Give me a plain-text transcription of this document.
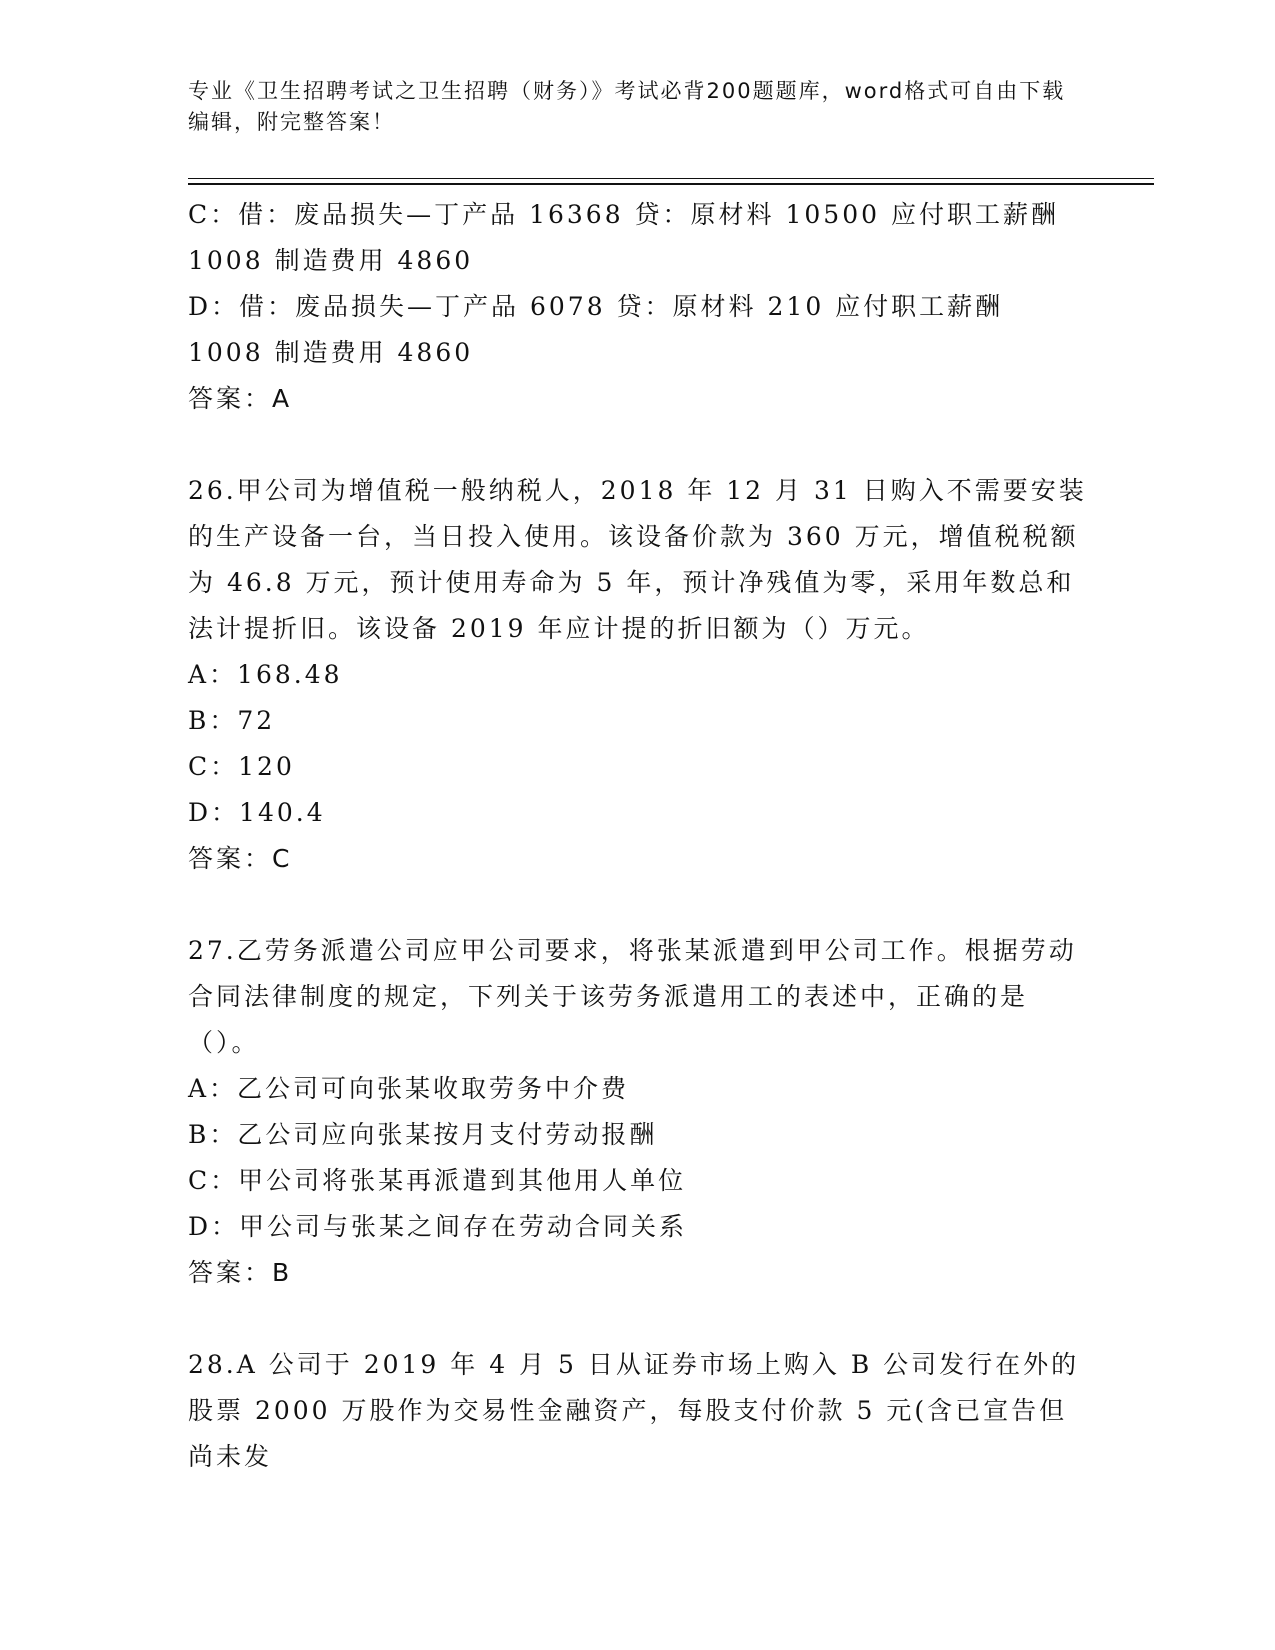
专业《卫生招聘考试之卫生招聘（财务）》考试必背200题题库，word格式可自由下载编辑，附完整答案！

C：借：废品损失—丁产品 16368 贷：原材料 10500 应付职工薪酬 1008 制造费用 4860

D：借：废品损失—丁产品 6078 贷：原材料 210 应付职工薪酬 1008 制造费用 4860

答案：A

26.甲公司为增值税一般纳税人，2018 年 12 月 31 日购入不需要安装的生产设备一台，当日投入使用。该设备价款为 360 万元，增值税税额为 46.8 万元，预计使用寿命为 5 年，预计净残值为零，采用年数总和法计提折旧。该设备 2019 年应计提的折旧额为（）万元。

A：168.48

B：72

C：120

D：140.4

答案：C

27.乙劳务派遣公司应甲公司要求，将张某派遣到甲公司工作。根据劳动合同法律制度的规定，下列关于该劳务派遣用工的表述中，正确的是（）。

A：乙公司可向张某收取劳务中介费

B：乙公司应向张某按月支付劳动报酬

C：甲公司将张某再派遣到其他用人单位

D：甲公司与张某之间存在劳动合同关系

答案：B

28.A 公司于 2019 年 4 月 5 日从证券市场上购入 B 公司发行在外的股票 2000 万股作为交易性金融资产，每股支付价款 5 元(含已宣告但尚未发
